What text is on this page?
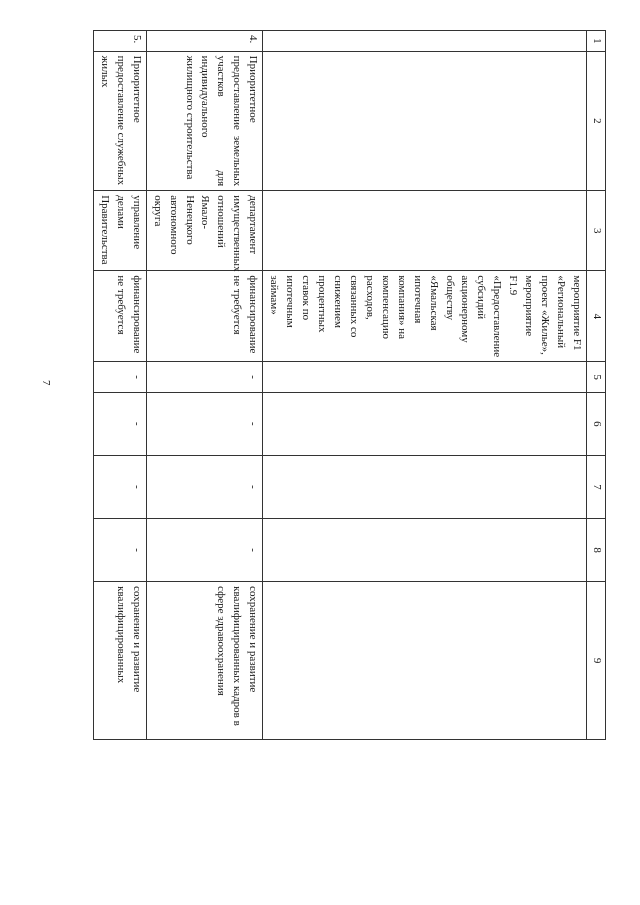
7
1	2	3	4	5	6	7	8	9
			мероприятие F1 «Региональный проект «Жилье», мероприятие F1.9 «Предоставление субсидий акционерному обществу «Ямальская ипотечная компания» на компенсацию расходов, связанных со снижением процентных ставок по ипотечным займам»					
4.	Приоритетное предоставление земельных участков для индивидуального жилищного строительства	департамент имущественных отношений Ямало-Ненецкого автономного округа	финансирование не требуется	-	-	-	-	сохранение и развитие квалифицированных кадров в сфере здравоохранения
5.	Приоритетное предоставление служебных жилых	управление делами Правительства	финансирование не требуется	-	-	-	-	сохранение и развитие квалифицированных
